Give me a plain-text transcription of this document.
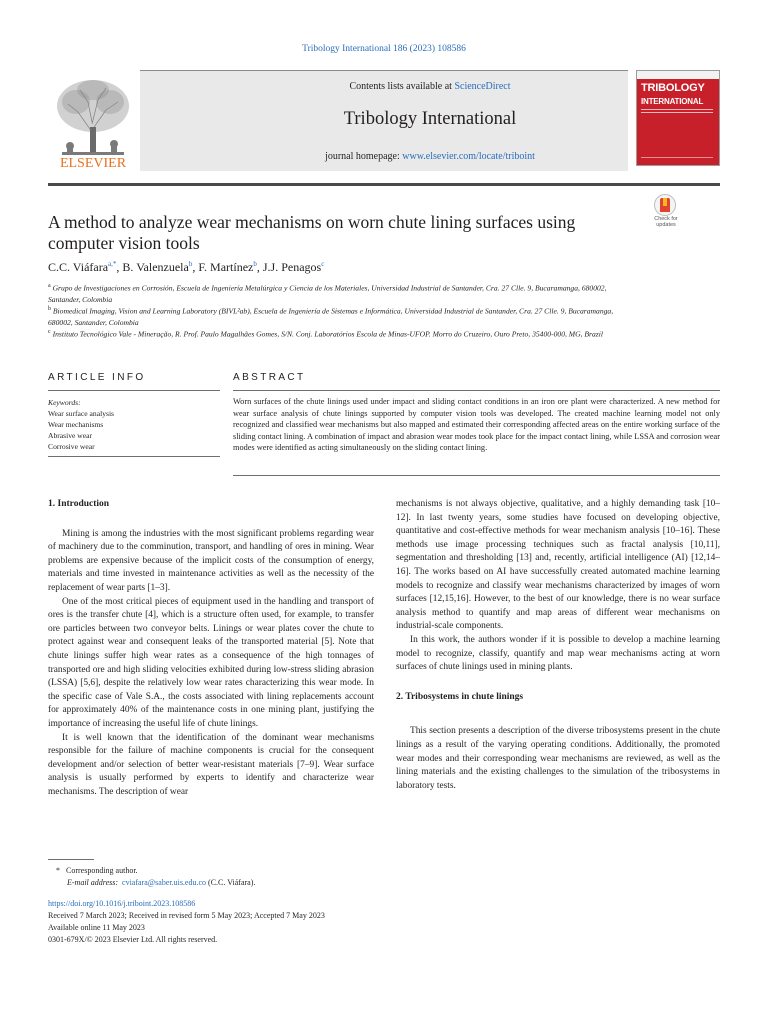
Tribology International 186 (2023) 108586
ELSEVIER
Contents lists available at ScienceDirect
Tribology International
journal homepage: www.elsevier.com/locate/triboint
TRIBOLOGY
INTERNATIONAL
A method to analyze wear mechanisms on worn chute lining surfaces using computer vision tools
Check for updates
C.C. Viáfara$^{a,*}$, B. Valenzuela$^b$, F. Martínez$^b$, J.J. Penagos$^c$
$^a$ Grupo de Investigaciones en Corrosión, Escuela de Ingeniería Metalúrgica y Ciencia de los Materiales, Universidad Industrial de Santander, Cra. 27 Clle. 9, Bucaramanga, 680002, Santander, Colombia
$^b$ Biomedical Imaging, Vision and Learning Laboratory (BIVL²ab), Escuela de Ingeniería de Sistemas e Informática, Universidad Industrial de Santander, Cra. 27 Clle. 9, Bucaramanga, 680002, Santander, Colombia
$^c$ Instituto Tecnológico Vale - Mineração, R. Prof. Paulo Magalhães Gomes, S/N. Conj. Laboratórios Escola de Minas-UFOP. Morro do Cruzeiro, Ouro Preto, 35400-000, MG, Brazil
ARTICLE INFO	ABSTRACT
Keywords:
Wear surface analysis
Wear mechanisms
Abrasive wear
Corrosive wear
Worn surfaces of the chute linings used under impact and sliding contact conditions in an iron ore plant were characterized. A new method for wear surface analysis of chute linings supported by computer vision tools was developed. The created machine learning model not only recognized and classified wear mechanisms but also mapped and estimated their corresponding affected areas on the entire working surface of the sliding contact lining. A combination of impact and abrasion wear modes took place for the impact contact lining, while LSSA and corrosion wear modes were identified as acting simultaneously on the sliding contact lining.
1. Introduction

Mining is among the industries with the most significant problems regarding wear of machinery due to the comminution, transport, and handling of ores in mining. Wear problems are expensive because of the implicit costs of the consumption of energy, materials and time invested in maintenance activities as well as the necessity of the replacement of wear parts [1–3].

One of the most critical pieces of equipment used in the handling and transport of ores is the transfer chute [4], which is a structure often used, for example, to transfer ore particles between two conveyor belts. Linings or wear plates cover the chute to protect against wear and consequent leaks of the transported material [5]. Note that chute linings suffer high wear rates as a consequence of the high tonnages of transported ore and high sliding velocities exhibited during low-stress sliding abrasion (LSSA) [5,6], despite the relatively low wear rates characterizing this wear mode. In the specific case of Vale S.A., the costs associated with lining replacements account for approximately 40% of the maintenance costs in one mining plant, justifying the importance of increasing the useful life of chute linings.

It is well known that the identification of the dominant wear mechanisms responsible for the failure of machine components is crucial for the consequent development and/or selection of better wear-resistant materials [7–9]. Wear surface analysis is usually performed by experts to identify and characterize wear mechanisms. The description of wear

mechanisms is not always objective, qualitative, and a highly demanding task [10–12]. In last twenty years, some studies have focused on developing objective, quantitative and cost-effective methods for wear mechanism analysis [10–16]. These methods use image processing techniques such as fractal analysis [10,11], segmentation and thresholding [13] and, recently, artificial intelligence (AI) [12,14–16]. The works based on AI have successfully created automated machine learning models to recognize and classify wear mechanisms characterized by images of worn surfaces [12,15,16]. However, to the best of our knowledge, there is no wear surface analysis method to quantify and map areas of different wear mechanisms on industrial-scale components.

In this work, the authors wonder if it is possible to develop a machine learning model to recognize, classify, quantify and map wear mechanisms acting at worn surfaces of chute linings used in mining plants.

2. Tribosystems in chute linings

This section presents a description of the diverse tribosystems present in the chute linings as a result of the varying operating conditions. Additionally, the promoted wear modes and their corresponding wear mechanisms are reviewed, as well as the lining materials and the existing challenges to the simulation of the tribosystems in laboratory tests.

* Corresponding author.
E-mail address: cviafara@saber.uis.edu.co (C.C. Viáfara).
https://doi.org/10.1016/j.triboint.2023.108586
Received 7 March 2023; Received in revised form 5 May 2023; Accepted 7 May 2023
Available online 11 May 2023
0301-679X/© 2023 Elsevier Ltd. All rights reserved.
